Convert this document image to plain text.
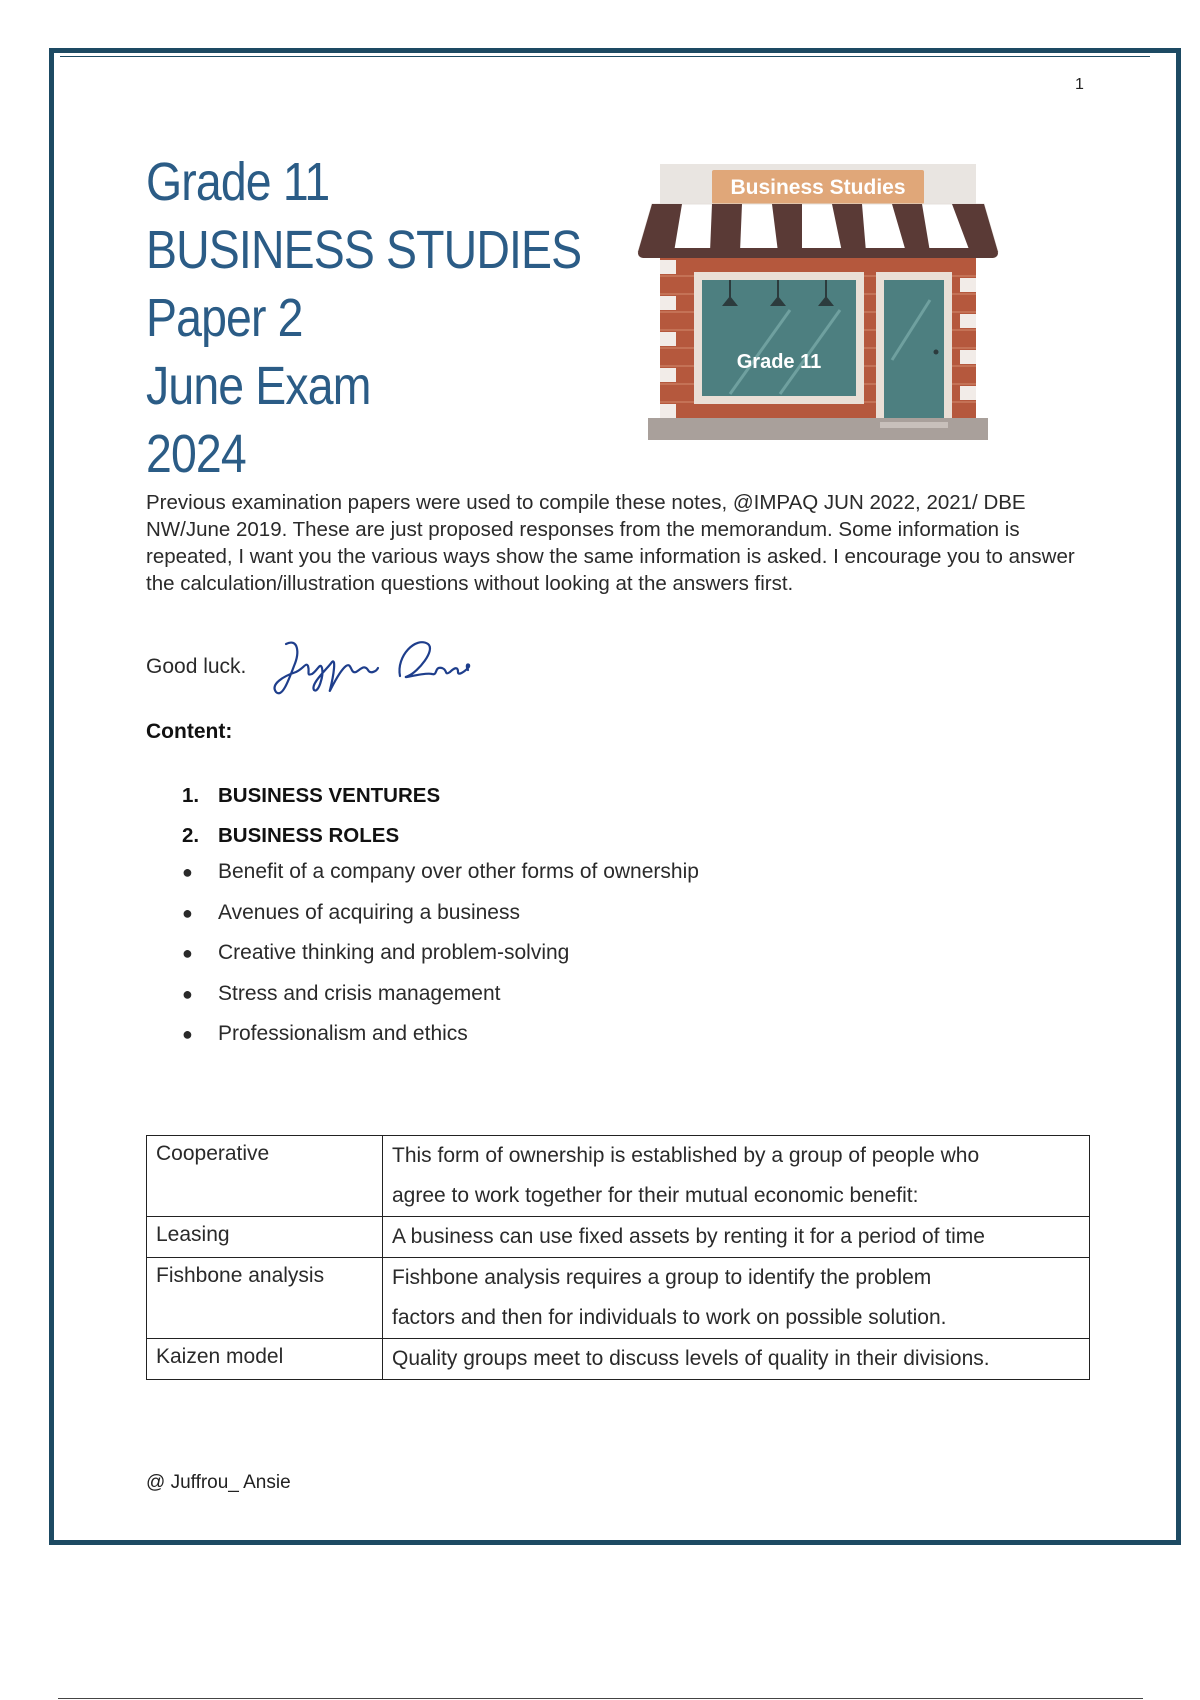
1
Grade 11
BUSINESS STUDIES
Paper 2
June Exam
2024
Business Studies
Grade 11
Previous examination papers were used to compile these notes, @IMPAQ JUN 2022, 2021/ DBE NW/June 2019. These are just proposed responses from the memorandum. Some information is repeated, I want you the various ways show the same information is asked. I encourage you to answer the calculation/illustration questions without looking at the answers first.
Good luck.
Content:
1. BUSINESS VENTURES
2. BUSINESS ROLES
● Benefit of a company over other forms of ownership
● Avenues of acquiring a business
● Creative thinking and problem-solving
● Stress and crisis management
● Professionalism and ethics
Cooperative	This form of ownership is established by a group of people who
agree to work together for their mutual economic benefit:

Leasing	A business can use fixed assets by renting it for a period of time

Fishbone analysis	Fishbone analysis requires a group to identify the problem
factors and then for individuals to work on possible solution.

Kaizen model	Quality groups meet to discuss levels of quality in their divisions.
@ Juffrou_ Ansie
